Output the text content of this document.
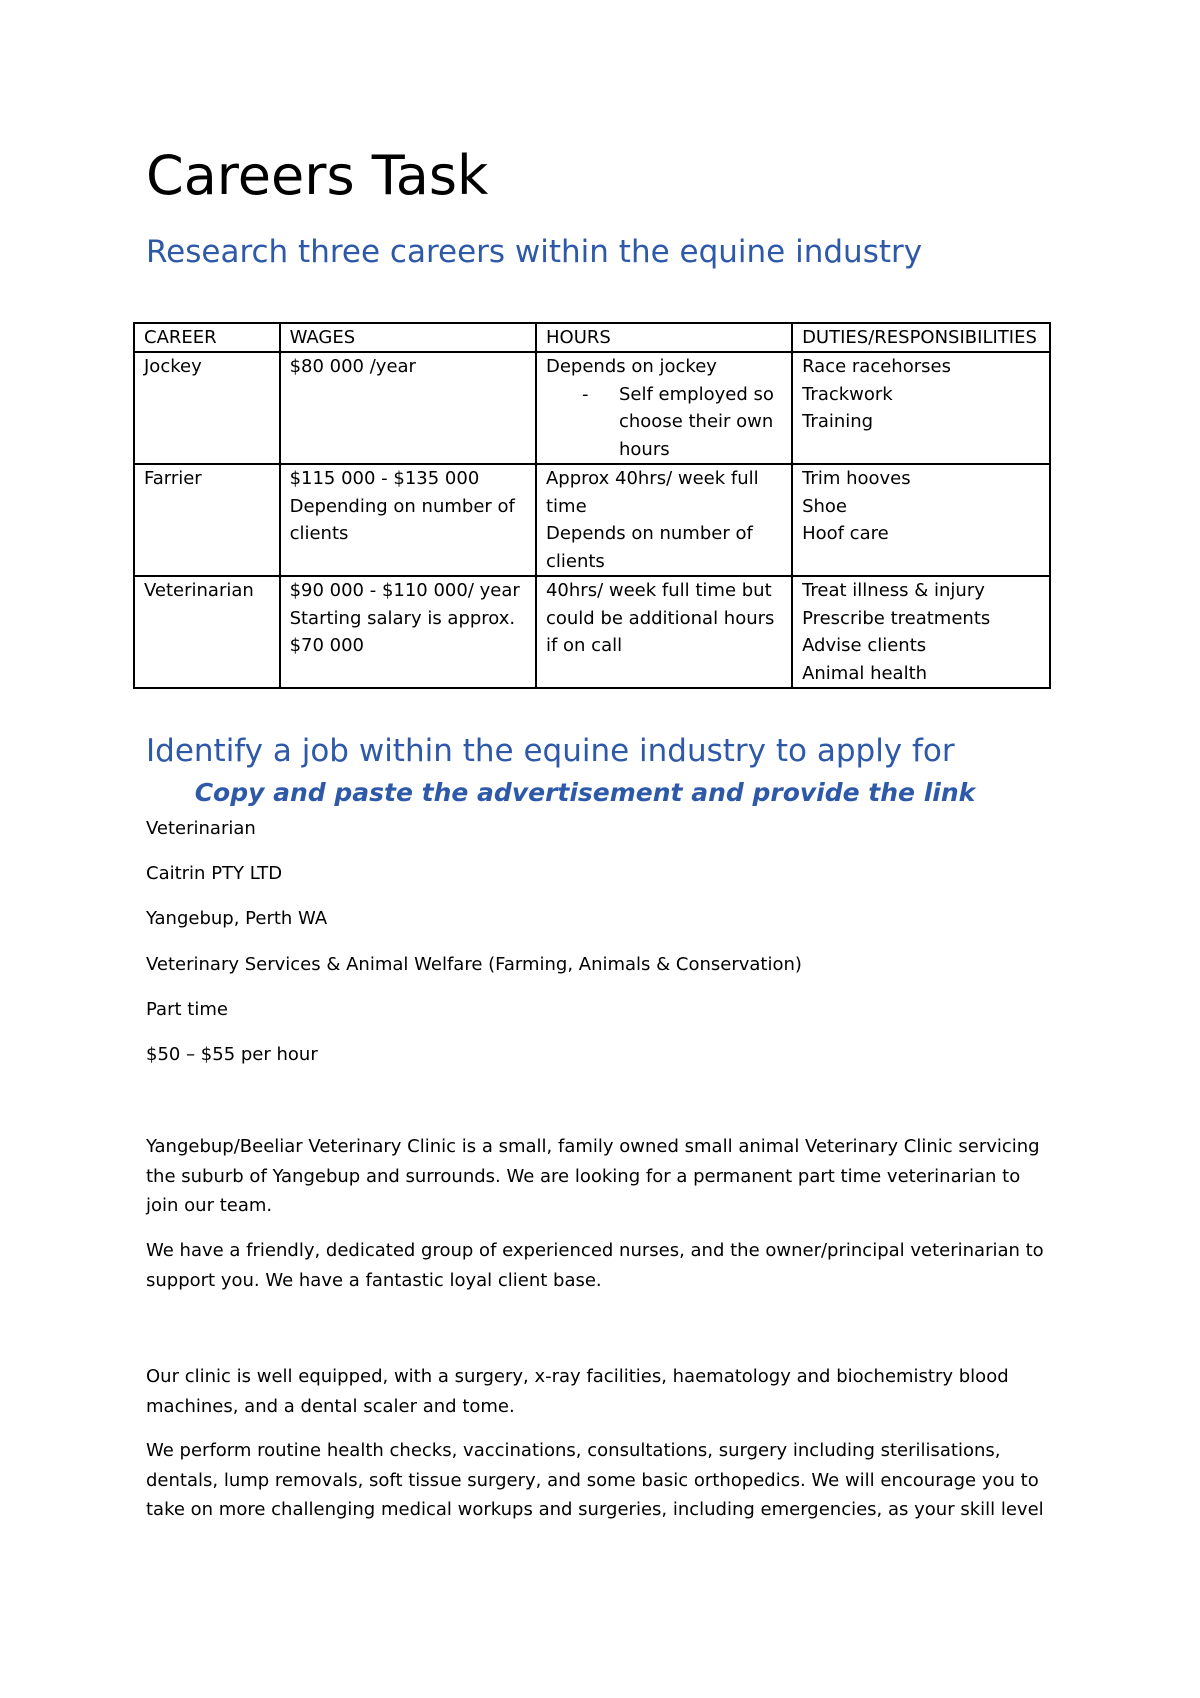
Careers Task
Research three careers within the equine industry
CAREER	WAGES	HOURS	DUTIES/RESPONSIBILITIES
Jockey	$80 000 /year	Depends on jockey
- Self employed so
choose their own
hours	Race racehorses
Trackwork
Training

Farrier	$115 000 - $135 000
Depending on number of
clients	Approx 40hrs/ week full
time
Depends on number of
clients	Trim hooves
Shoe
Hoof care

Veterinarian	$90 000 - $110 000/ year
Starting salary is approx.
$70 000	40hrs/ week full time but
could be additional hours
if on call	Treat illness & injury
Prescribe treatments
Advise clients
Animal health
Identify a job within the equine industry to apply for
Copy and paste the advertisement and provide the link

Veterinarian

Caitrin PTY LTD

Yangebup, Perth WA

Veterinary Services & Animal Welfare (Farming, Animals & Conservation)

Part time

$50 – $55 per hour

Yangebup/Beeliar Veterinary Clinic is a small, family owned small animal Veterinary Clinic servicing the suburb of Yangebup and surrounds. We are looking for a permanent part time veterinarian to join our team.

We have a friendly, dedicated group of experienced nurses, and the owner/principal veterinarian to support you. We have a fantastic loyal client base.

Our clinic is well equipped, with a surgery, x-ray facilities, haematology and biochemistry blood machines, and a dental scaler and tome.

We perform routine health checks, vaccinations, consultations, surgery including sterilisations, dentals, lump removals, soft tissue surgery, and some basic orthopedics. We will encourage you to take on more challenging medical workups and surgeries, including emergencies, as your skill level
